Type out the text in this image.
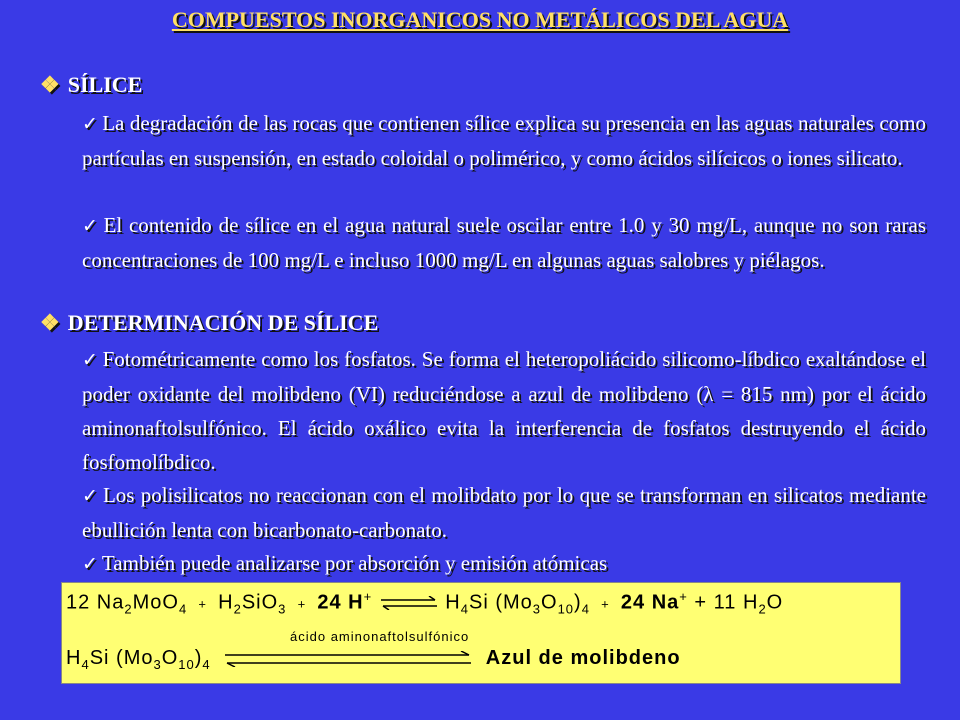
COMPUESTOS INORGANICOS NO METÁLICOS DEL AGUA
❖ SÍLICE
✓ La degradación de las rocas que contienen sílice explica su presencia en las aguas naturales como partículas en suspensión, en estado coloidal o polimérico, y como ácidos silícicos o iones silicato.
✓ El contenido de sílice en el agua natural suele oscilar entre 1.0 y 30 mg/L, aunque no son raras concentraciones de 100 mg/L e incluso 1000 mg/L en algunas aguas salobres y piélagos.
❖ DETERMINACIÓN DE SÍLICE
✓ Fotométricamente como los fosfatos. Se forma el heteropoliácido silicomo-líbdico exaltándose el poder oxidante del molibdeno (VI) reduciéndose a azul de molibdeno (λ = 815 nm) por el ácido aminonaftolsulfónico. El ácido oxálico evita la interferencia de fosfatos destruyendo el ácido fosfomolíbdico.
✓ Los polisilicatos no reaccionan con el molibdato por lo que se transforman en silicatos mediante ebullición lenta con bicarbonato-carbonato.
✓ También puede analizarse por absorción y emisión atómicas
12 $Na_2MoO_4 + H_2SiO_3 + 24$ H+ ⇌ $H_4Si$ $(Mo_3O_{10})_4 + 24$ Na+ + 11 $H_2O$
ácido aminonaftolsulfónico
$H_4Si$ $(Mo_3O_{10})_4$	Azul de molibdeno
